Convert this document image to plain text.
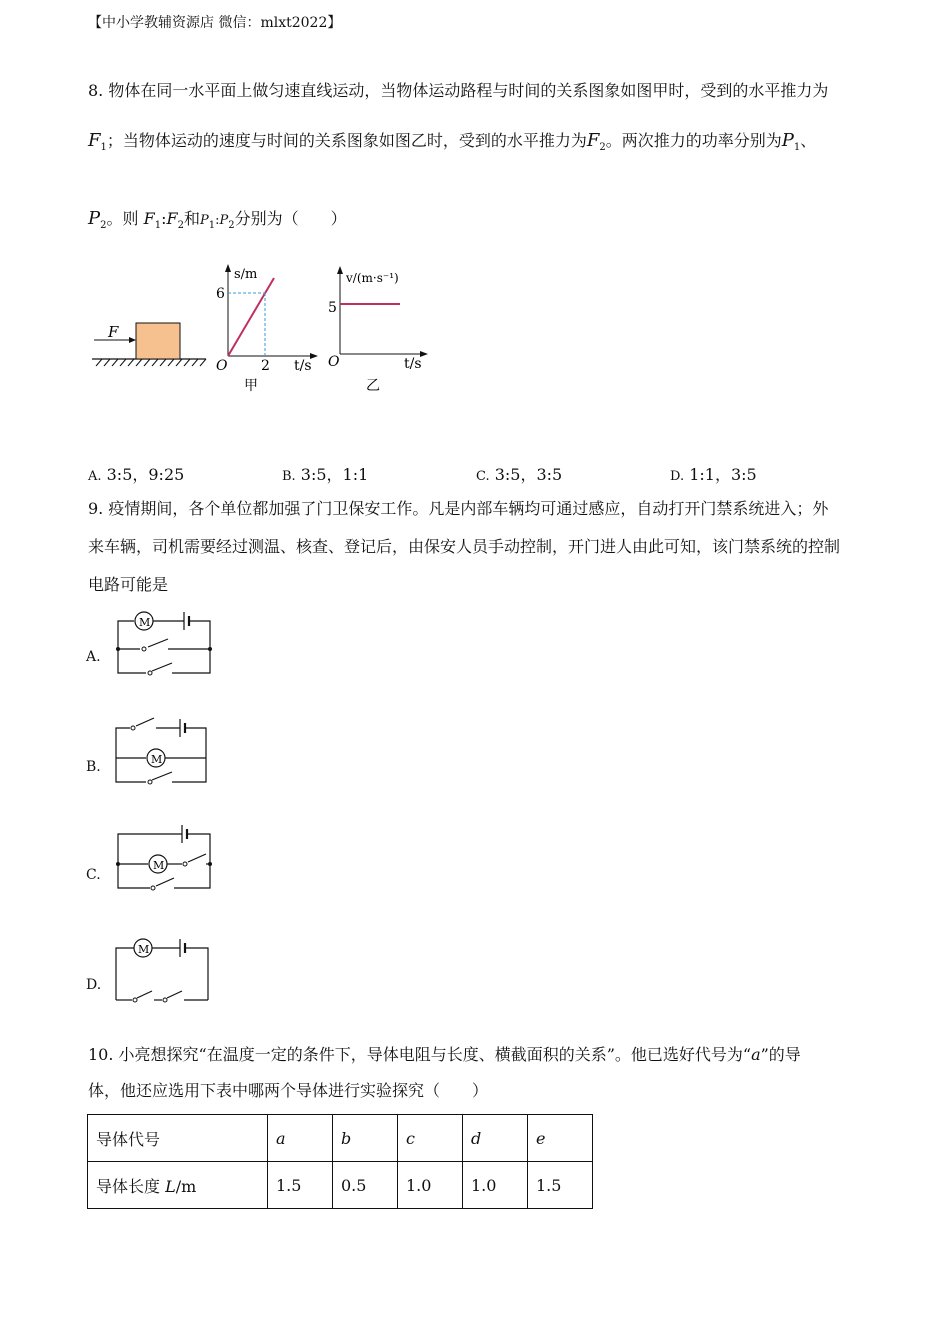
【中小学教辅资源店 微信：mlxt2022】
8. 物体在同一水平面上做匀速直线运动，当物体运动路程与时间的关系图象如图甲时，受到的水平推力为
$F_1$；当物体运动的速度与时间的关系图象如图乙时，受到的水平推力为$F_2$。两次推力的功率分别为$P_1$、
$P_2$。则 $F_1:F_2$和$P_1:P_2$分别为（　　）
F
s/m
6
2
O	t/s
甲
v/(m·s⁻¹)
5
O	t/s
乙
A. 3:5，9:25	B. 3:5，1:1	C. 3:5，3:5	D. 1:1，3:5
9. 疫情期间，各个单位都加强了门卫保安工作。凡是内部车辆均可通过感应，自动打开门禁系统进入；外
来车辆，司机需要经过测温、核查、登记后，由保安人员手动控制，开门进人由此可知，该门禁系统的控制
电路可能是
A.
M
B.	M
C.
M
D.
M
10. 小亮想探究“在温度一定的条件下，导体电阻与长度、横截面积的关系”。他已选好代号为“a”的导
体，他还应选用下表中哪两个导体进行实验探究（　　）
导体代号	a	b	c	d	e
导体长度 L/m	1.5	0.5	1.0	1.0	1.5
